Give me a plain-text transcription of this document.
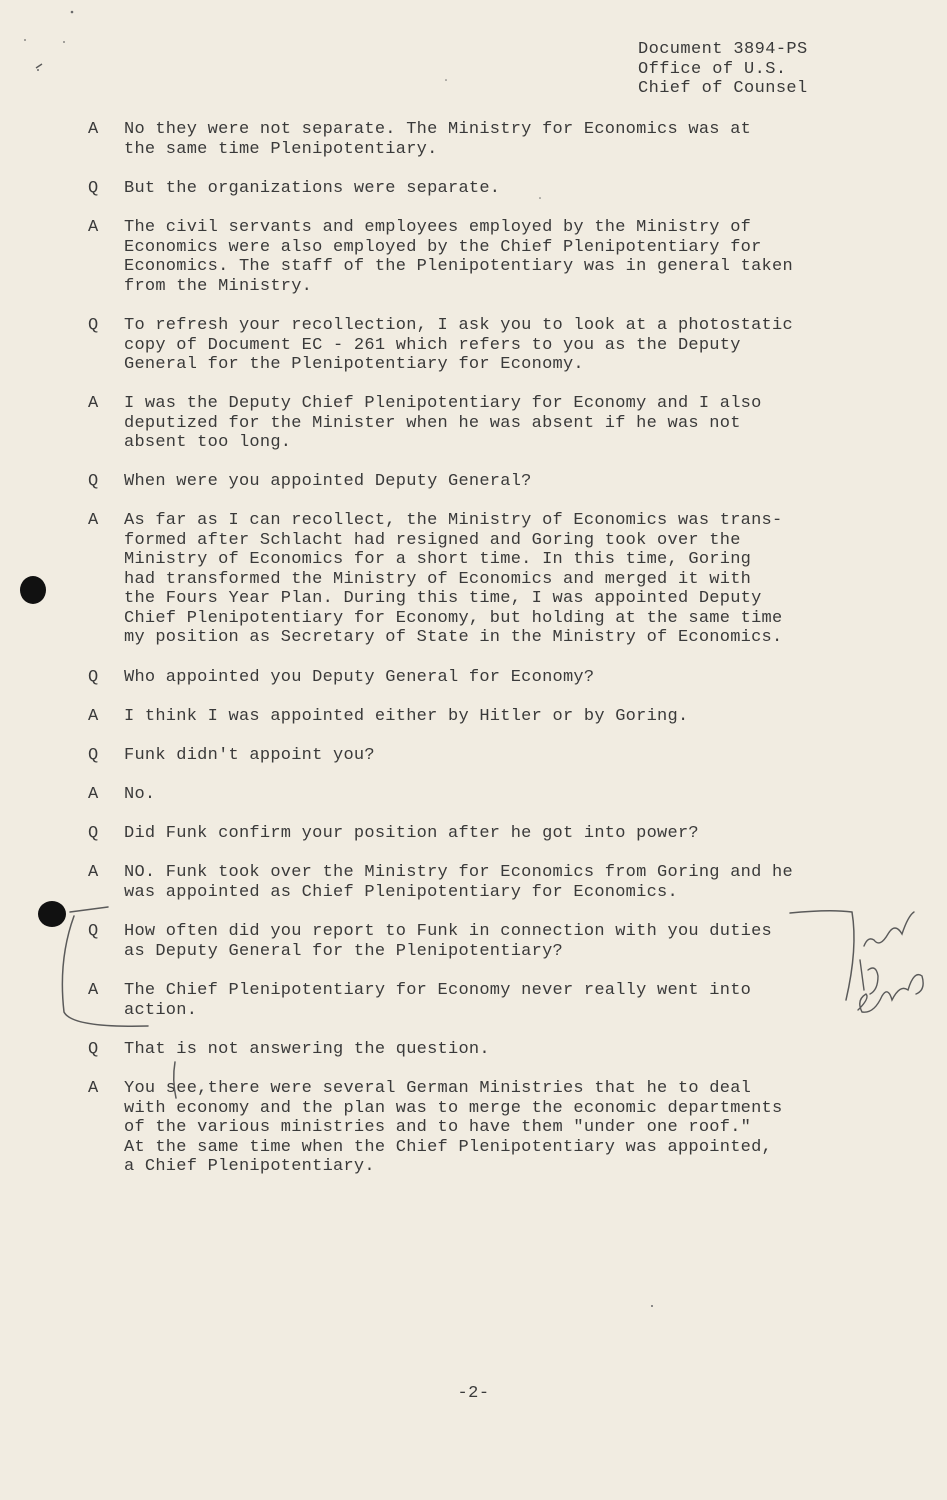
Document 3894-PS
Office of U.S.
Chief of Counsel
A	No they were not separate. The Ministry for Economics was at
the same time Plenipotentiary.
Q	But the organizations were separate.
A	The civil servants and employees employed by the Ministry of
Economics were also employed by the Chief Plenipotentiary for
Economics. The staff of the Plenipotentiary was in general taken
from the Ministry.
Q	To refresh your recollection, I ask you to look at a photostatic
copy of Document EC - 261 which refers to you as the Deputy
General for the Plenipotentiary for Economy.
A	I was the Deputy Chief Plenipotentiary for Economy and I also
deputized for the Minister when he was absent if he was not
absent too long.
Q	When were you appointed Deputy General?
A	As far as I can recollect, the Ministry of Economics was trans-
formed after Schlacht had resigned and Goring took over the
Ministry of Economics for a short time. In this time, Goring
had transformed the Ministry of Economics and merged it with
the Fours Year Plan. During this time, I was appointed Deputy
Chief Plenipotentiary for Economy, but holding at the same time
my position as Secretary of State in the Ministry of Economics.
Q	Who appointed you Deputy General for Economy?
A	I think I was appointed either by Hitler or by Goring.
Q	Funk didn't appoint you?
A	No.
Q	Did Funk confirm your position after he got into power?
A	NO. Funk took over the Ministry for Economics from Goring and he
was appointed as Chief Plenipotentiary for Economics.
Q	How often did you report to Funk in connection with you duties
as Deputy General for the Plenipotentiary?
A	The Chief Plenipotentiary for Economy never really went into
action.
Q	That is not answering the question.
A	You see,there were several German Ministries that he to deal
with economy and the plan was to merge the economic departments
of the various ministries and to have them "under one roof."
At the same time when the Chief Plenipotentiary was appointed,
a Chief Plenipotentiary.
-2-
